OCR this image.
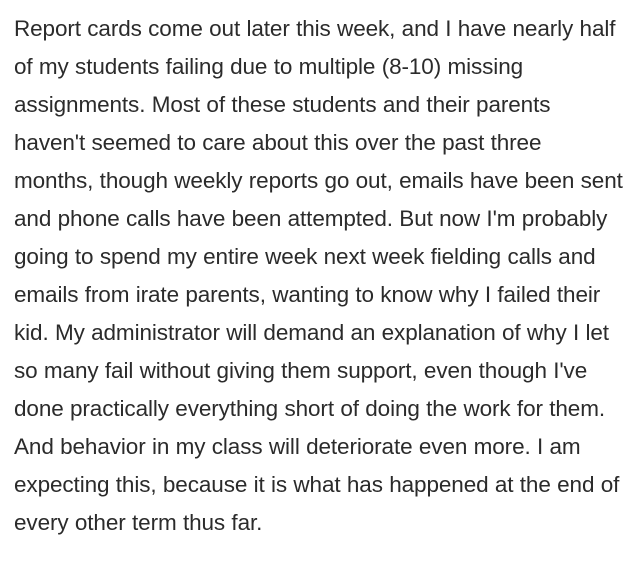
Report cards come out later this week, and I have nearly half of my students failing due to multiple (8-10) missing assignments. Most of these students and their parents haven't seemed to care about this over the past three months, though weekly reports go out, emails have been sent and phone calls have been attempted. But now I'm probably going to spend my entire week next week fielding calls and emails from irate parents, wanting to know why I failed their kid. My administrator will demand an explanation of why I let so many fail without giving them support, even though I've done practically everything short of doing the work for them. And behavior in my class will deteriorate even more. I am expecting this, because it is what has happened at the end of every other term thus far.
